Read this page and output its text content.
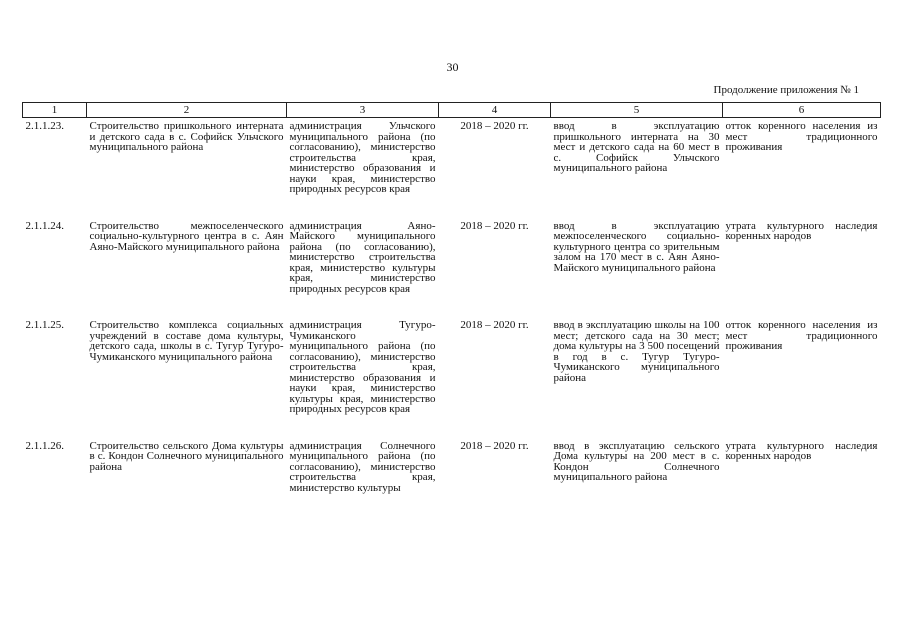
30
Продолжение приложения № 1
1	2	3	4	5	6

2.1.1.23.	Строительство пришкольного интерната и детского сада в с. Софийск Ульчского муниципального района	администрация Ульчского муниципального района (по согласованию), министерство строительства края, министерство образования и науки края, министерство природных ресурсов края	2018 – 2020 гг.	ввод в эксплуатацию пришкольного интерната на 30 мест и детского сада на 60 мест в с. Софийск Ульчского муниципального района	отток коренного населения из мест традиционного проживания

2.1.1.24.	Строительство межпоселенческого социально-культурного центра в с. Аян Аяно-Майского муниципального района	администрация Аяно-Майского муниципального района (по согласованию), министерство строительства края, министерство культуры края, министерство природных ресурсов края	2018 – 2020 гг.	ввод в эксплуатацию межпоселенческого социально-культурного центра со зрительным залом на 170 мест в с. Аян Аяно-Майского муниципального района	утрата культурного наследия коренных народов

2.1.1.25.	Строительство комплекса социальных учреждений в составе дома культуры, детского сада, школы в с. Тугур Тугуро-Чумиканского муниципального района	администрация Тугуро-Чумиканского муниципального района (по согласованию), министерство строительства края, министерство образования и науки края, министерство культуры края, министерство природных ресурсов края	2018 – 2020 гг.	ввод в эксплуатацию школы на 100 мест; детского сада на 30 мест; дома культуры на 3 500 посещений в год в с. Тугур Тугуро-Чумиканского муниципального района	отток коренного населения из мест традиционного проживания

2.1.1.26.	Строительство сельского Дома культуры в с. Кондон Солнечного муниципального района	администрация Солнечного муниципального района (по согласованию), министерство строительства края, министерство культуры	2018 – 2020 гг.	ввод в эксплуатацию сельского Дома культуры на 200 мест в с. Кондон Солнечного муниципального района	утрата культурного наследия коренных народов
